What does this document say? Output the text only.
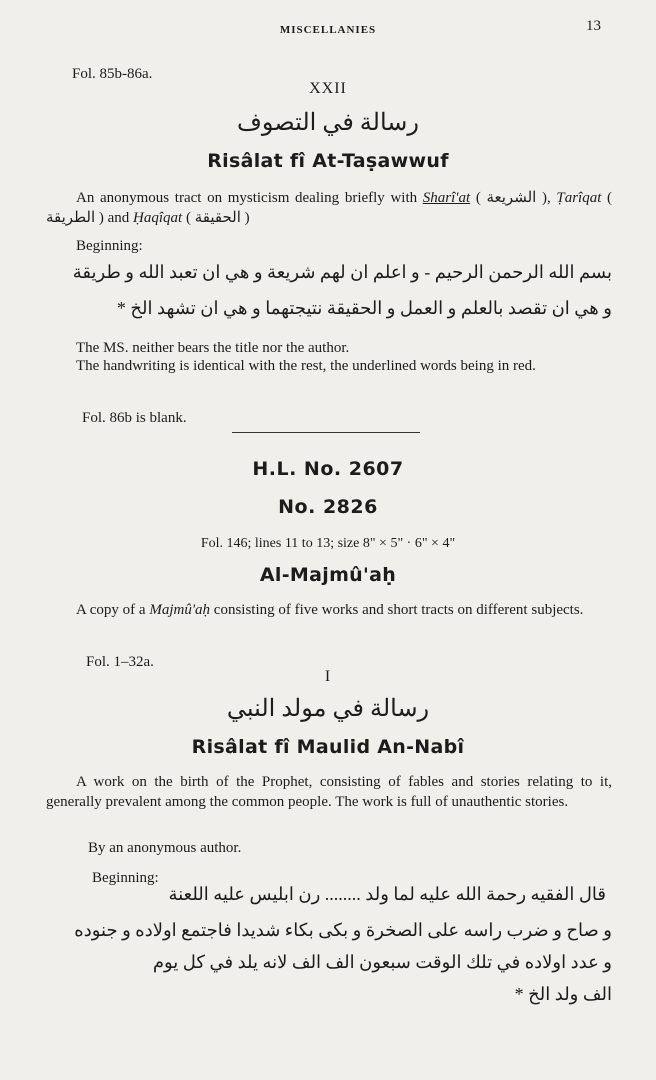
MISCELLANIES	13
Fol. 85b-86a.
XXII
رسالة في التصوف
Risâlat fî At-Taṣawwuf
An anonymous tract on mysticism dealing briefly with Sharî'at ( الشريعة ), Ṭarîqat ( الطريقة ) and Ḥaqîqat ( الحقيقة )
Beginning:
بسم الله الرحمن الرحيم - و اعلم ان لهم شريعة و هي ان تعبد الله و طريقة
و هي ان تقصد بالعلم و العمل و الحقيقة نتيجتهما و هي ان تشهد الخ *
The MS. neither bears the title nor the author.
The handwriting is identical with the rest, the underlined words being in red.
Fol. 86b is blank.
H.L. No. 2607
No. 2826
Fol. 146; lines 11 to 13; size 8" × 5" · 6" × 4"
Al-Majmû'aḥ
A copy of a Majmû'aḥ consisting of five works and short tracts on different subjects.
Fol. 1–32a.
I
رسالة في مولد النبي
Risâlat fî Maulid An-Nabî
A work on the birth of the Prophet, consisting of fables and stories relating to it, generally prevalent among the common people. The work is full of unauthentic stories.
By an anonymous author.
Beginning:
قال الفقيه رحمة الله عليه لما ولد ........ رن ابليس عليه اللعنة
و صاح و ضرب راسه على الصخرة و بكى بكاء شديدا فاجتمع اولاده و جنوده
و عدد اولاده في تلك الوقت سبعون الف الف لانه يلد في كل يوم
الف ولد الخ *
